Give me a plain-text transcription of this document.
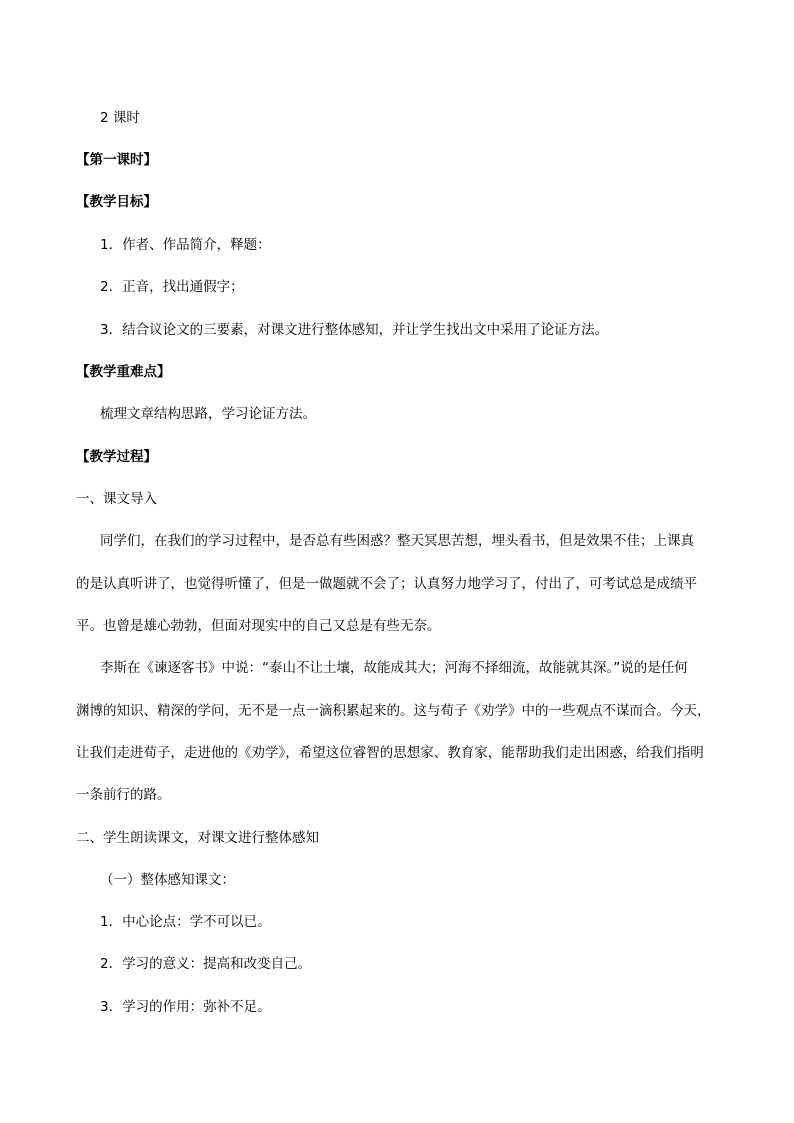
2 课时

【第一课时】

【教学目标】

1．作者、作品简介，释题：

2．正音，找出通假字；

3．结合议论文的三要素，对课文进行整体感知，并让学生找出文中采用了论证方法。

【教学重难点】

梳理文章结构思路，学习论证方法。

【教学过程】

一、课文导入

同学们，在我们的学习过程中，是否总有些困惑？整天冥思苦想，埋头看书，但是效果不佳；上课真

的是认真听讲了，也觉得听懂了，但是一做题就不会了；认真努力地学习了，付出了，可考试总是成绩平

平。也曾是雄心勃勃，但面对现实中的自己又总是有些无奈。

李斯在《谏逐客书》中说：“泰山不让土壤，故能成其大；河海不择细流，故能就其深。”说的是任何

渊博的知识、精深的学问，无不是一点一滴积累起来的。这与荀子《劝学》中的一些观点不谋而合。今天，

让我们走进荀子，走进他的《劝学》，希望这位睿智的思想家、教育家，能帮助我们走出困惑，给我们指明

一条前行的路。

二、学生朗读课文，对课文进行整体感知

（一）整体感知课文：

1．中心论点：学不可以已。

2．学习的意义：提高和改变自己。

3．学习的作用：弥补不足。
